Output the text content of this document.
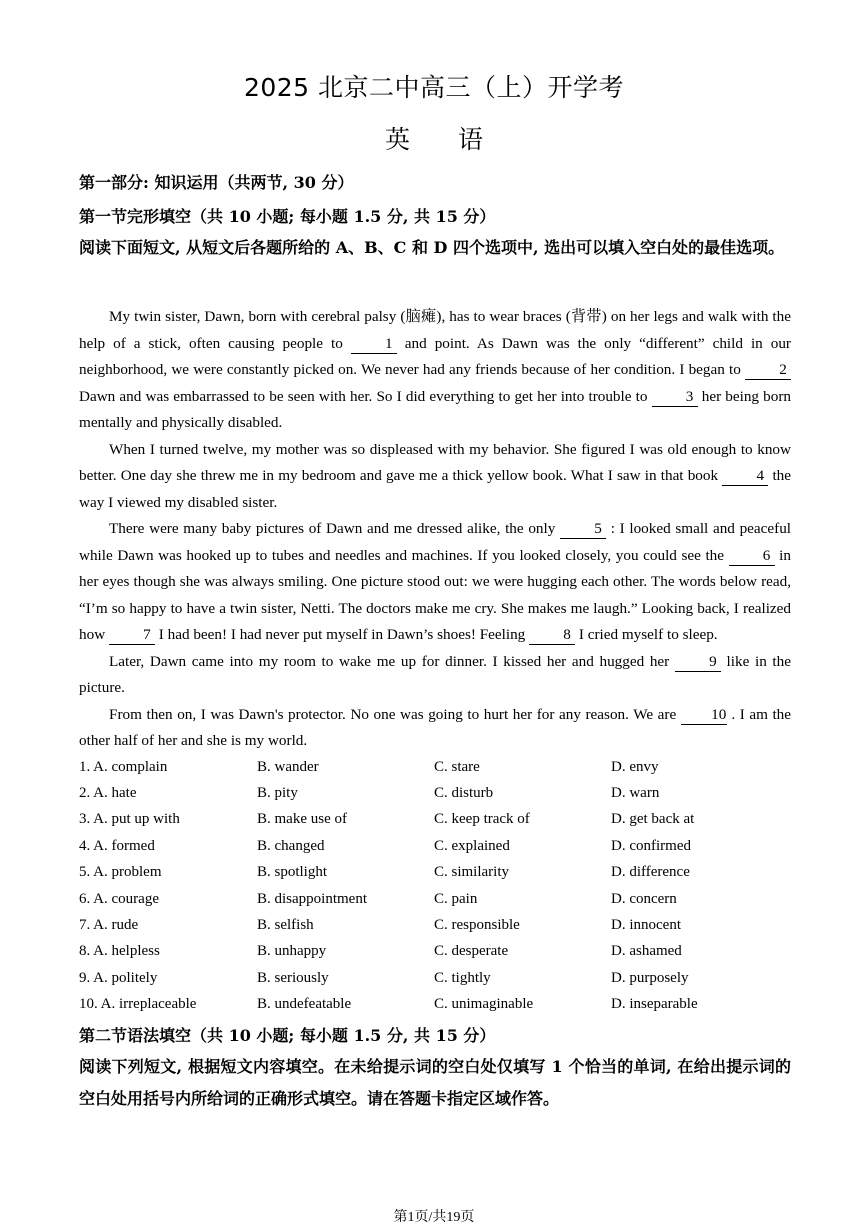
2025 北京二中高三（上）开学考
英 语
第一部分: 知识运用（共两节, 30 分）
第一节完形填空（共 10 小题; 每小题 1.5 分, 共 15 分）
阅读下面短文, 从短文后各题所给的 A、B、C 和 D 四个选项中, 选出可以填入空白处的最佳选项。

My twin sister, Dawn, born with cerebral palsy (脑瘫), has to wear braces (背带) on her legs and walk with the help of a stick, often causing people to 1 and point. As Dawn was the only “different” child in our neighborhood, we were constantly picked on. We never had any friends because of her condition. I began to 2 Dawn and was embarrassed to be seen with her. So I did everything to get her into trouble to 3 her being born mentally and physically disabled.

When I turned twelve, my mother was so displeased with my behavior. She figured I was old enough to know better. One day she threw me in my bedroom and gave me a thick yellow book. What I saw in that book 4 the way I viewed my disabled sister.

There were many baby pictures of Dawn and me dressed alike, the only 5 : I looked small and peaceful while Dawn was hooked up to tubes and needles and machines. If you looked closely, you could see the 6 in her eyes though she was always smiling. One picture stood out: we were hugging each other. The words below read, “I’m so happy to have a twin sister, Netti. The doctors make me cry. She makes me laugh.” Looking back, I realized how 7 I had been! I had never put myself in Dawn’s shoes! Feeling 8 I cried myself to sleep.

Later, Dawn came into my room to wake me up for dinner. I kissed her and hugged her 9 like in the picture.

From then on, I was Dawn's protector. No one was going to hurt her for any reason. We are 10 . I am the other half of her and she is my world.

1. A. complain	B. wander	C. stare	D. envy
2. A. hate	B. pity	C. disturb	D. warn
3. A. put up with	B. make use of	C. keep track of	D. get back at
4. A. formed	B. changed	C. explained	D. confirmed
5. A. problem	B. spotlight	C. similarity	D. difference
6. A. courage	B. disappointment	C. pain	D. concern
7. A. rude	B. selfish	C. responsible	D. innocent
8. A. helpless	B. unhappy	C. desperate	D. ashamed
9. A. politely	B. seriously	C. tightly	D. purposely
10. A. irreplaceable	B. undefeatable	C. unimaginable	D. inseparable
第二节语法填空（共 10 小题; 每小题 1.5 分, 共 15 分）
阅读下列短文, 根据短文内容填空。在未给提示词的空白处仅填写 1 个恰当的单词, 在给出提示词的空白处用括号内所给词的正确形式填空。请在答题卡指定区域作答。
第1页/共19页
